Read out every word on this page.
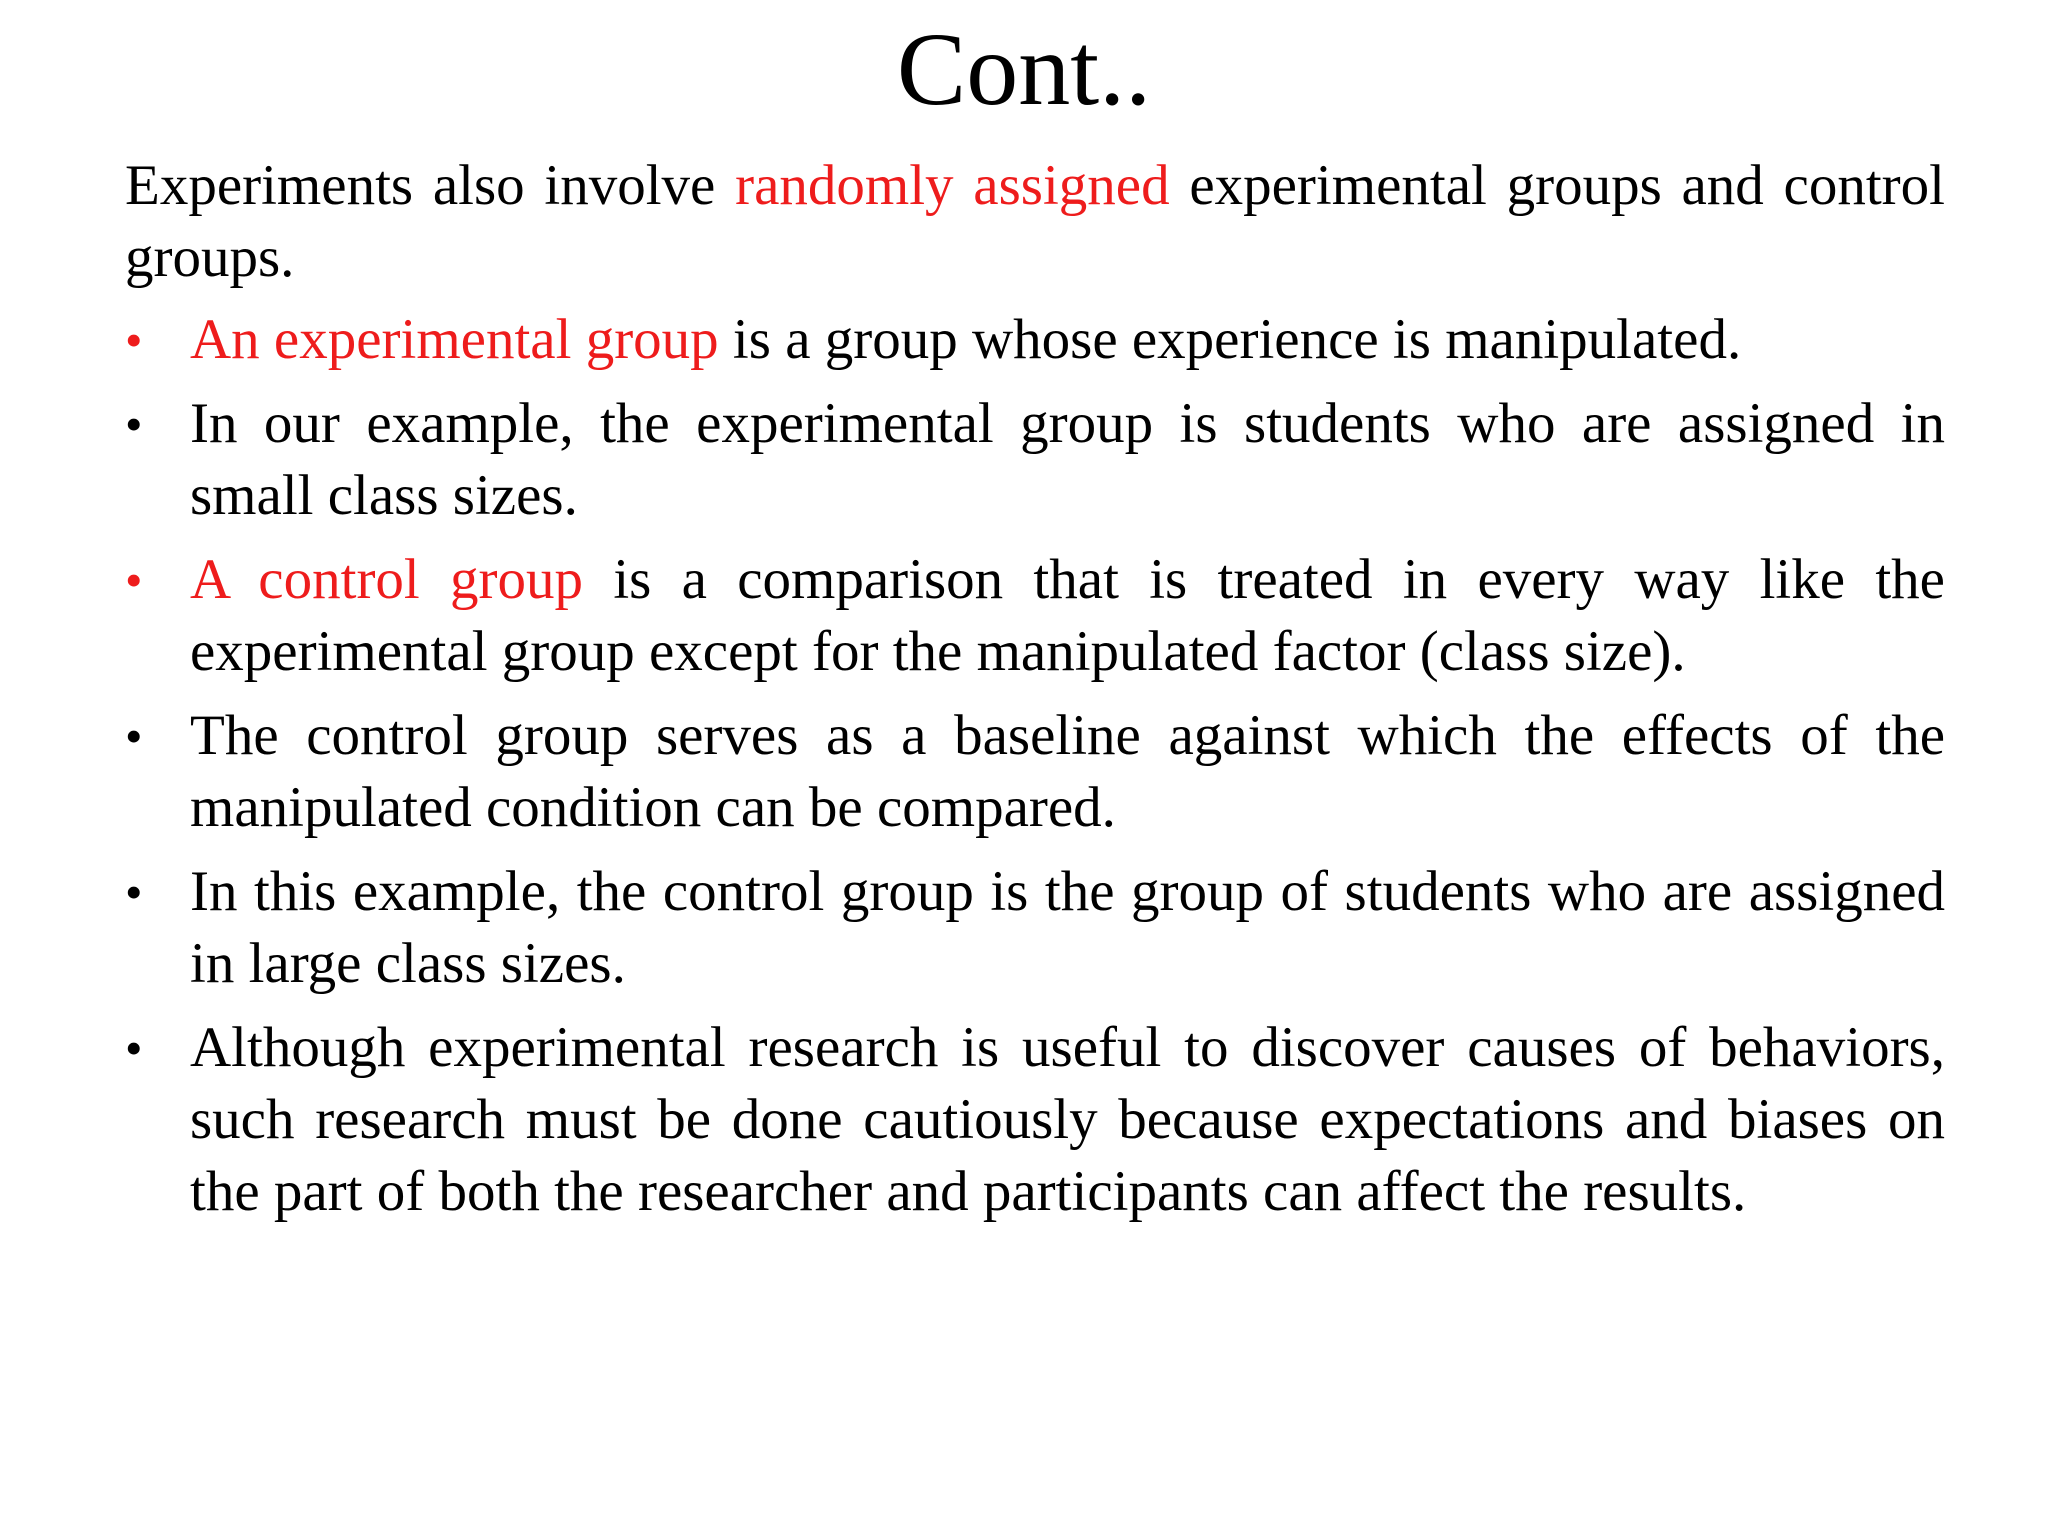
Cont..

Experiments also involve randomly assigned experimental groups and control groups.

• An experimental group is a group whose experience is manipulated.
• In our example, the experimental group is students who are assigned in small class sizes.
• A control group is a comparison that is treated in every way like the experimental group except for the manipulated factor (class size).
• The control group serves as a baseline against which the effects of the manipulated condition can be compared.
• In this example, the control group is the group of students who are assigned in large class sizes.
• Although experimental research is useful to discover causes of behaviors, such research must be done cautiously because expectations and biases on the part of both the researcher and participants can affect the results.
